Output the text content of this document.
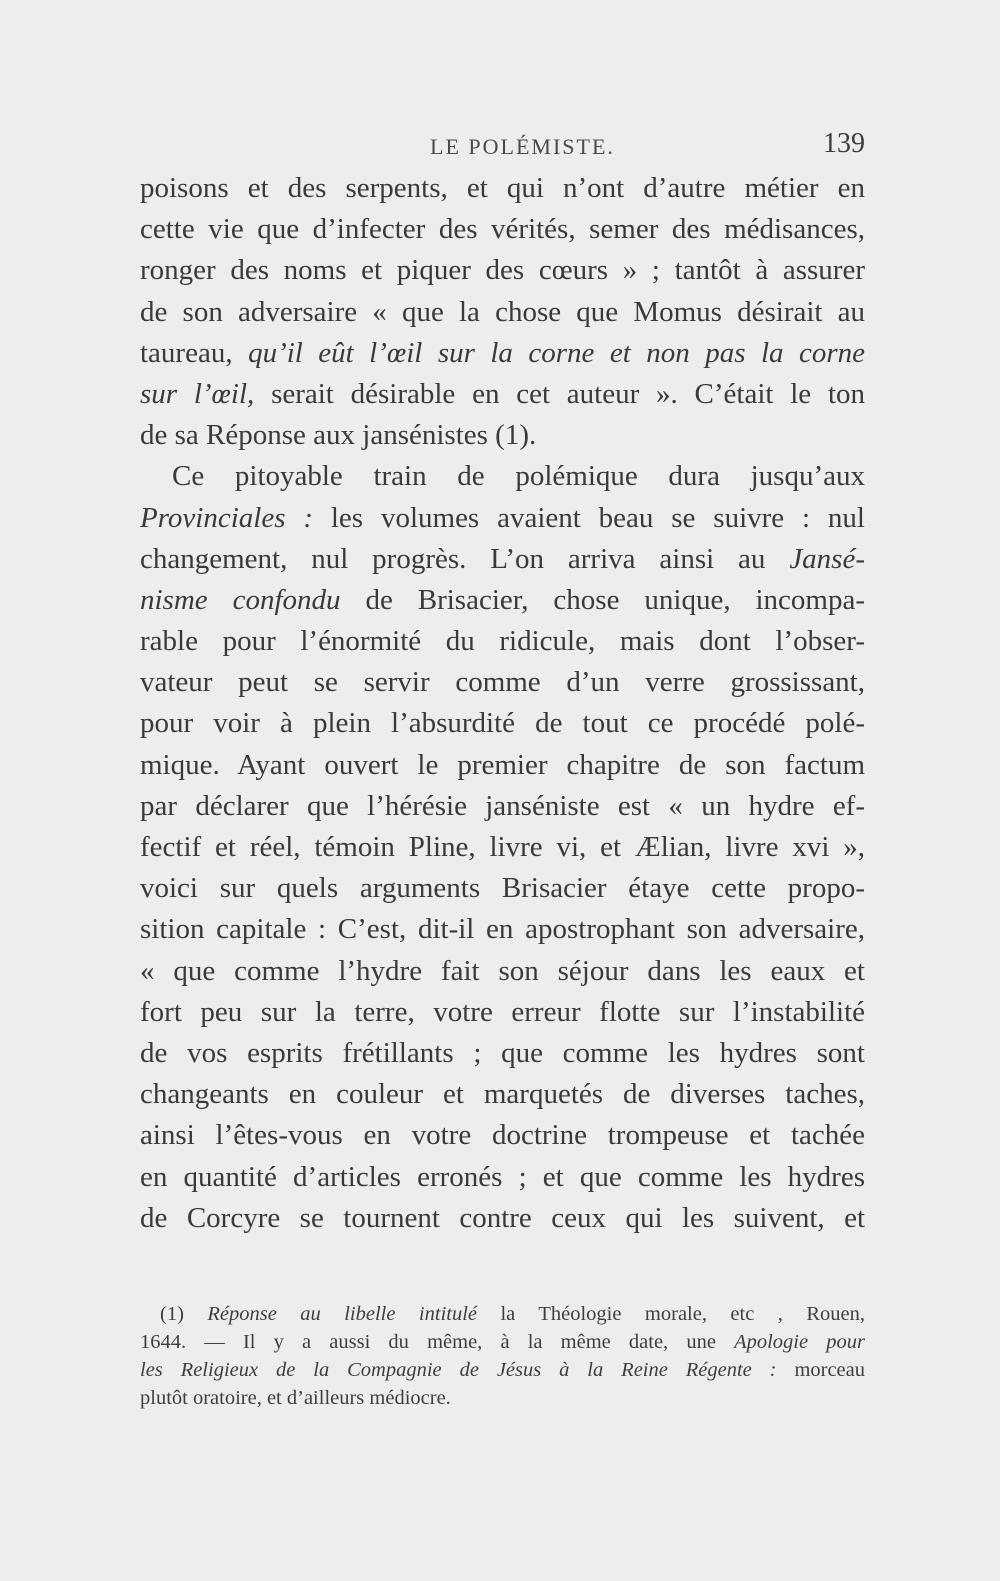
LE POLÉMISTE.	139
poisons et des serpents, et qui n’ont d’autre métier en
cette vie que d’infecter des vérités, semer des médisances,
ronger des noms et piquer des cœurs » ; tantôt à assurer
de son adversaire « que la chose que Momus désirait au
taureau, qu’il eût l’œil sur la corne et non pas la corne
sur l’œil, serait désirable en cet auteur ». C’était le ton
de sa Réponse aux jansénistes (1).
Ce pitoyable train de polémique dura jusqu’aux
Provinciales : les volumes avaient beau se suivre : nul
changement, nul progrès. L’on arriva ainsi au Jansé-
nisme confondu de Brisacier, chose unique, incompa-
rable pour l’énormité du ridicule, mais dont l’obser-
vateur peut se servir comme d’un verre grossissant,
pour voir à plein l’absurdité de tout ce procédé polé-
mique. Ayant ouvert le premier chapitre de son factum
par déclarer que l’hérésie janséniste est « un hydre ef-
fectif et réel, témoin Pline, livre vi, et Ælian, livre xvi »,
voici sur quels arguments Brisacier étaye cette propo-
sition capitale : C’est, dit-il en apostrophant son adversaire,
« que comme l’hydre fait son séjour dans les eaux et
fort peu sur la terre, votre erreur flotte sur l’instabilité
de vos esprits frétillants ; que comme les hydres sont
changeants en couleur et marquetés de diverses taches,
ainsi l’êtes-vous en votre doctrine trompeuse et tachée
en quantité d’articles erronés ; et que comme les hydres
de Corcyre se tournent contre ceux qui les suivent, et
(1) Réponse au libelle intitulé la Théologie morale, etc , Rouen,
1644. — Il y a aussi du même, à la même date, une Apologie pour
les Religieux de la Compagnie de Jésus à la Reine Régente : morceau
plutôt oratoire, et d’ailleurs médiocre.
